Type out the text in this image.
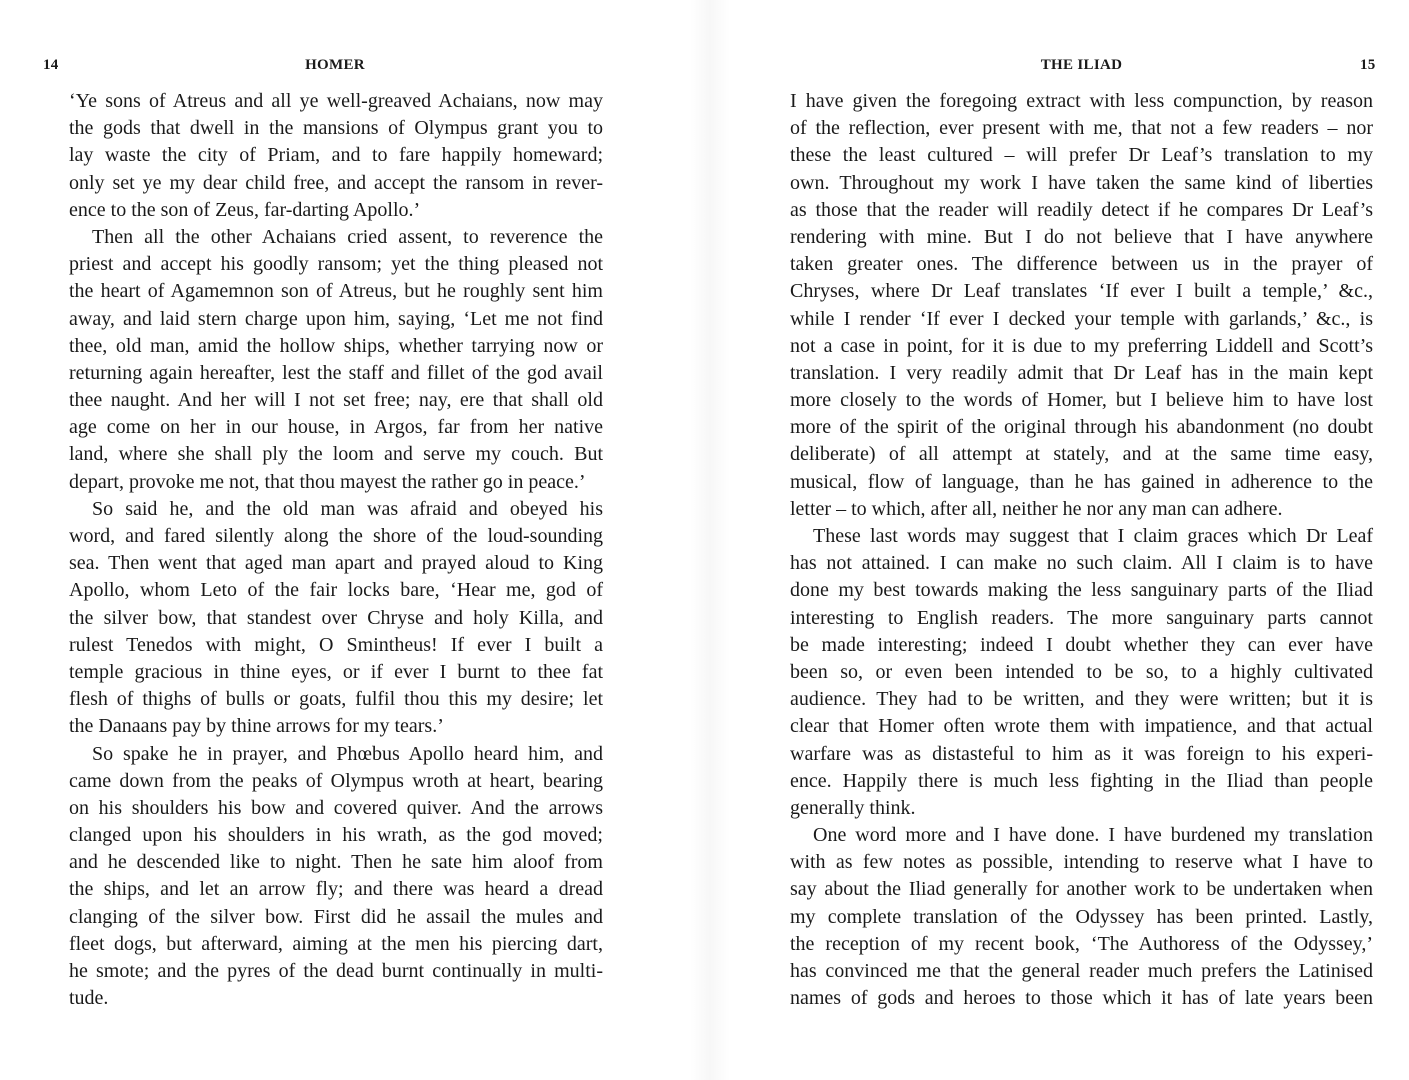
14	HOMER
‘Ye sons of Atreus and all ye well-greaved Achaians, now may
the gods that dwell in the mansions of Olympus grant you to
lay waste the city of Priam, and to fare happily homeward;
only set ye my dear child free, and accept the ransom in rever-
ence to the son of Zeus, far-darting Apollo.’
Then all the other Achaians cried assent, to reverence the
priest and accept his goodly ransom; yet the thing pleased not
the heart of Agamemnon son of Atreus, but he roughly sent him
away, and laid stern charge upon him, saying, ‘Let me not find
thee, old man, amid the hollow ships, whether tarrying now or
returning again hereafter, lest the staff and fillet of the god avail
thee naught. And her will I not set free; nay, ere that shall old
age come on her in our house, in Argos, far from her native
land, where she shall ply the loom and serve my couch. But
depart, provoke me not, that thou mayest the rather go in peace.’
So said he, and the old man was afraid and obeyed his
word, and fared silently along the shore of the loud-sounding
sea. Then went that aged man apart and prayed aloud to King
Apollo, whom Leto of the fair locks bare, ‘Hear me, god of
the silver bow, that standest over Chryse and holy Killa, and
rulest Tenedos with might, O Smintheus! If ever I built a
temple gracious in thine eyes, or if ever I burnt to thee fat
flesh of thighs of bulls or goats, fulfil thou this my desire; let
the Danaans pay by thine arrows for my tears.’
So spake he in prayer, and Phœbus Apollo heard him, and
came down from the peaks of Olympus wroth at heart, bearing
on his shoulders his bow and covered quiver. And the arrows
clanged upon his shoulders in his wrath, as the god moved;
and he descended like to night. Then he sate him aloof from
the ships, and let an arrow fly; and there was heard a dread
clanging of the silver bow. First did he assail the mules and
fleet dogs, but afterward, aiming at the men his piercing dart,
he smote; and the pyres of the dead burnt continually in multi-
tude.
THE ILIAD	15
I have given the foregoing extract with less compunction, by reason
of the reflection, ever present with me, that not a few readers – nor
these the least cultured – will prefer Dr Leaf’s translation to my
own. Throughout my work I have taken the same kind of liberties
as those that the reader will readily detect if he compares Dr Leaf’s
rendering with mine. But I do not believe that I have anywhere
taken greater ones. The difference between us in the prayer of
Chryses, where Dr Leaf translates ‘If ever I built a temple,’ &c.,
while I render ‘If ever I decked your temple with garlands,’ &c., is
not a case in point, for it is due to my preferring Liddell and Scott’s
translation. I very readily admit that Dr Leaf has in the main kept
more closely to the words of Homer, but I believe him to have lost
more of the spirit of the original through his abandonment (no doubt
deliberate) of all attempt at stately, and at the same time easy,
musical, flow of language, than he has gained in adherence to the
letter – to which, after all, neither he nor any man can adhere.
These last words may suggest that I claim graces which Dr Leaf
has not attained. I can make no such claim. All I claim is to have
done my best towards making the less sanguinary parts of the Iliad
interesting to English readers. The more sanguinary parts cannot
be made interesting; indeed I doubt whether they can ever have
been so, or even been intended to be so, to a highly cultivated
audience. They had to be written, and they were written; but it is
clear that Homer often wrote them with impatience, and that actual
warfare was as distasteful to him as it was foreign to his experi-
ence. Happily there is much less fighting in the Iliad than people
generally think.
One word more and I have done. I have burdened my translation
with as few notes as possible, intending to reserve what I have to
say about the Iliad generally for another work to be undertaken when
my complete translation of the Odyssey has been printed. Lastly,
the reception of my recent book, ‘The Authoress of the Odyssey,’
has convinced me that the general reader much prefers the Latinised
names of gods and heroes to those which it has of late years been
